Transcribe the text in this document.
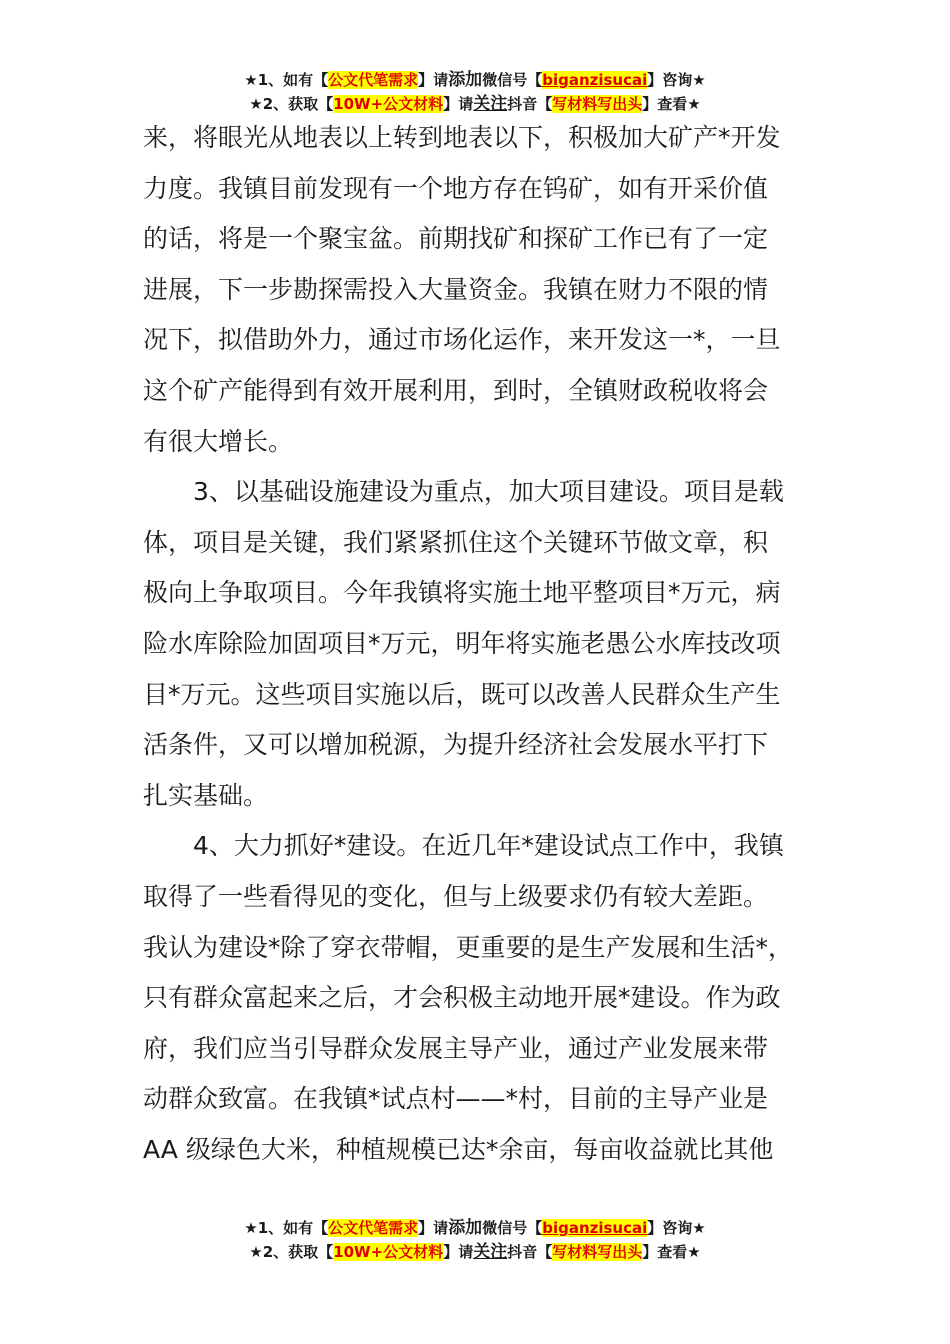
★1、如有【公文代笔需求】请添加微信号【biganzisucai】咨询★
★2、获取【10W+公文材料】请关注抖音【写材料写出头】查看★
来，将眼光从地表以上转到地表以下，积极加大矿产*开发
力度。我镇目前发现有一个地方存在钨矿，如有开采价值
的话，将是一个聚宝盆。前期找矿和探矿工作已有了一定
进展，下一步勘探需投入大量资金。我镇在财力不限的情
况下，拟借助外力，通过市场化运作，来开发这一*，一旦
这个矿产能得到有效开展利用，到时，全镇财政税收将会
有很大增长。
3、以基础设施建设为重点，加大项目建设。项目是载
体，项目是关键，我们紧紧抓住这个关键环节做文章，积
极向上争取项目。今年我镇将实施土地平整项目*万元，病
险水库除险加固项目*万元，明年将实施老愚公水库技改项
目*万元。这些项目实施以后，既可以改善人民群众生产生
活条件，又可以增加税源，为提升经济社会发展水平打下
扎实基础。
4、大力抓好*建设。在近几年*建设试点工作中，我镇
取得了一些看得见的变化，但与上级要求仍有较大差距。
我认为建设*除了穿衣带帽，更重要的是生产发展和生活*，
只有群众富起来之后，才会积极主动地开展*建设。作为政
府，我们应当引导群众发展主导产业，通过产业发展来带
动群众致富。在我镇*试点村——*村，目前的主导产业是
AA 级绿色大米，种植规模已达*余亩，每亩收益就比其他
★1、如有【公文代笔需求】请添加微信号【biganzisucai】咨询★
★2、获取【10W+公文材料】请关注抖音【写材料写出头】查看★
